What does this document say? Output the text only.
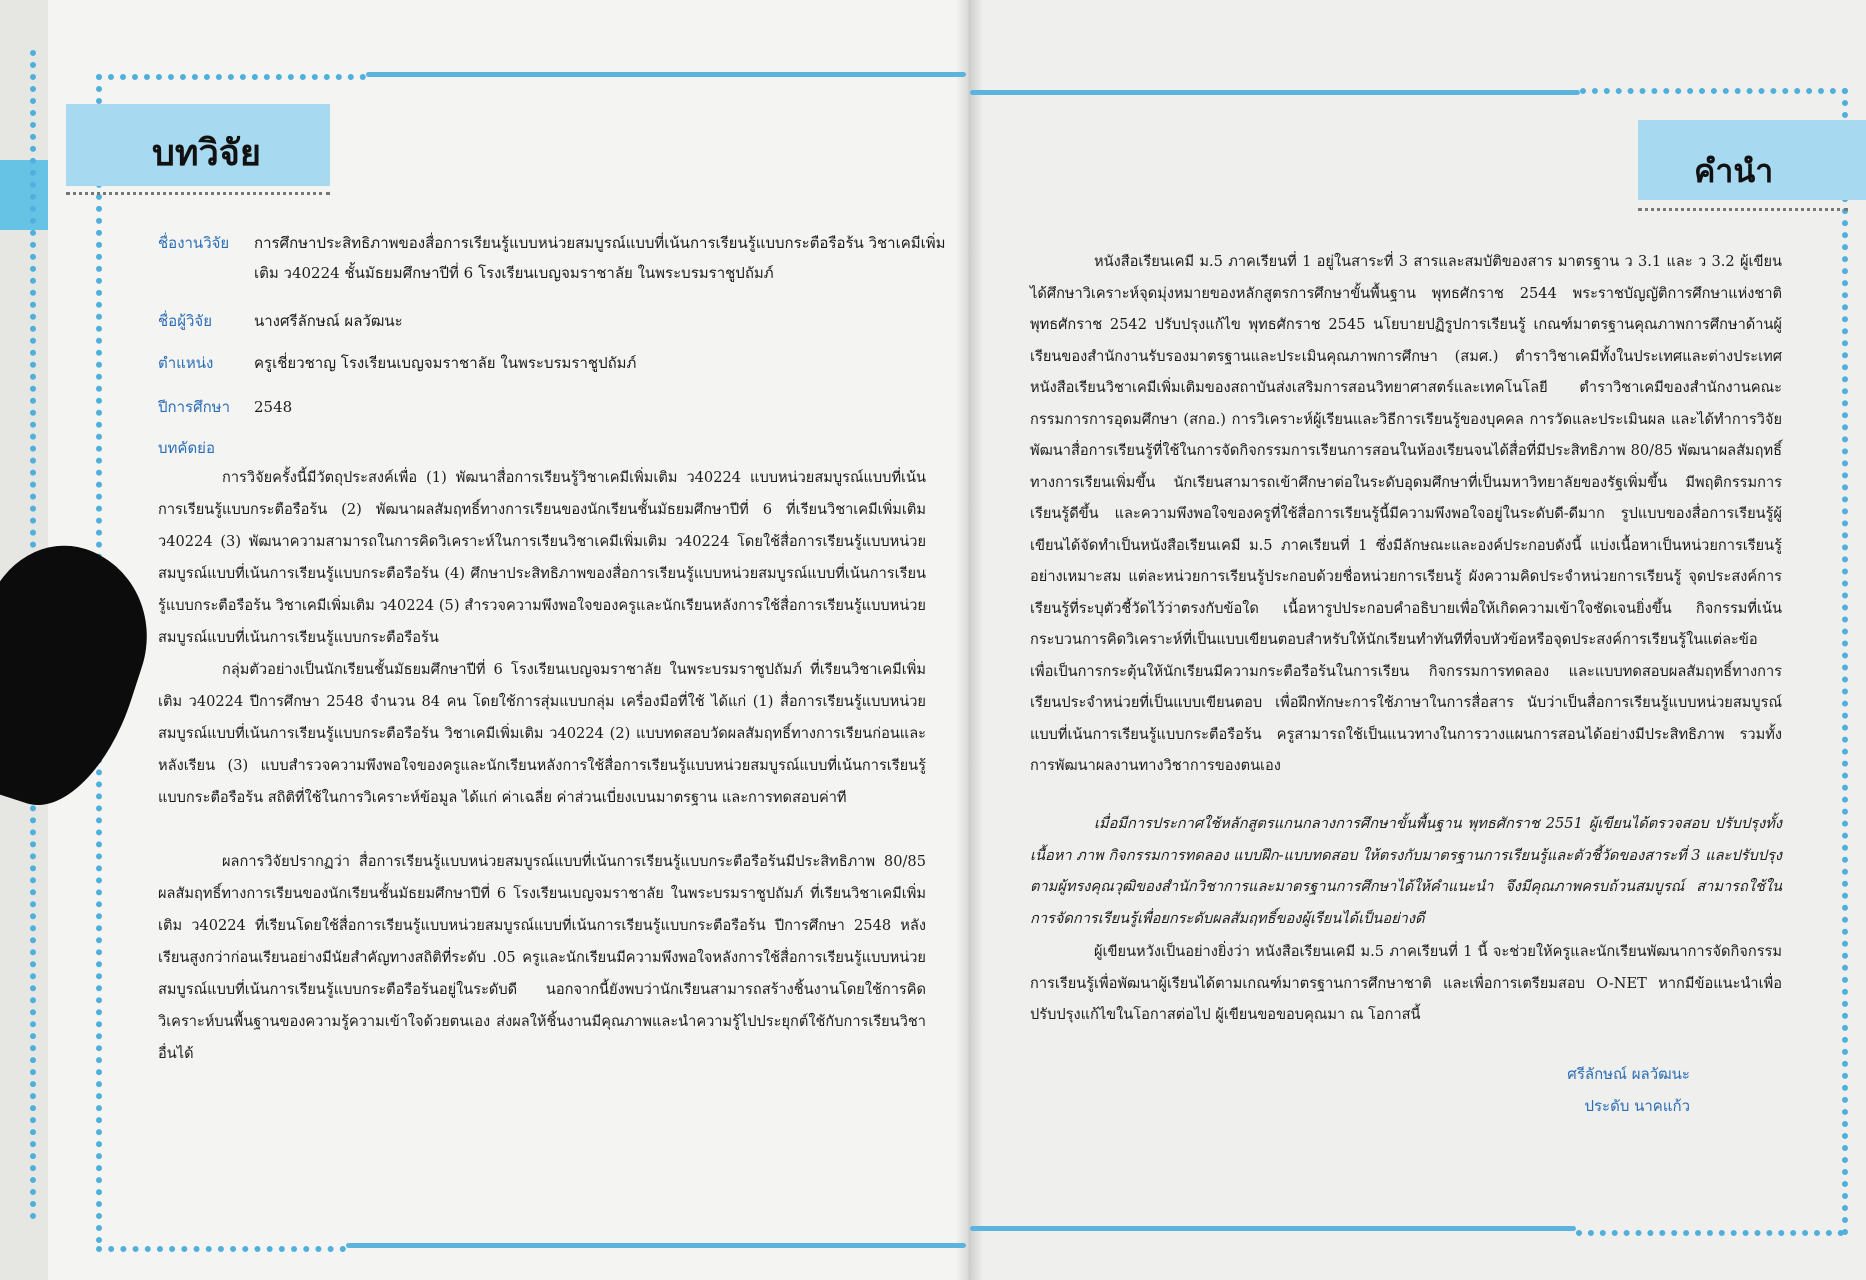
บทวิจัย
ชื่องานวิจัย	การศึกษาประสิทธิภาพของสื่อการเรียนรู้แบบหน่วยสมบูรณ์แบบที่เน้นการเรียนรู้แบบกระตือรือร้น วิชาเคมีเพิ่มเติม ว40224 ชั้นมัธยมศึกษาปีที่ 6 โรงเรียนเบญจมราชาลัย ในพระบรมราชูปถัมภ์
ชื่อผู้วิจัย	นางศรีลักษณ์ ผลวัฒนะ
ตำแหน่ง	ครูเชี่ยวชาญ โรงเรียนเบญจมราชาลัย ในพระบรมราชูปถัมภ์
ปีการศึกษา	2548
บทคัดย่อ

การวิจัยครั้งนี้มีวัตถุประสงค์เพื่อ (1) พัฒนาสื่อการเรียนรู้วิชาเคมีเพิ่มเติม ว40224 แบบหน่วยสมบูรณ์แบบที่เน้นการเรียนรู้แบบกระตือรือร้น (2) พัฒนาผลสัมฤทธิ์ทางการเรียนของนักเรียนชั้นมัธยมศึกษาปีที่ 6 ที่เรียนวิชาเคมีเพิ่มเติม ว40224 (3) พัฒนาความสามารถในการคิดวิเคราะห์ในการเรียนวิชาเคมีเพิ่มเติม ว40224 โดยใช้สื่อการเรียนรู้แบบหน่วยสมบูรณ์แบบที่เน้นการเรียนรู้แบบกระตือรือร้น (4) ศึกษาประสิทธิภาพของสื่อการเรียนรู้แบบหน่วยสมบูรณ์แบบที่เน้นการเรียนรู้แบบกระตือรือร้น วิชาเคมีเพิ่มเติม ว40224 (5) สำรวจความพึงพอใจของครูและนักเรียนหลังการใช้สื่อการเรียนรู้แบบหน่วยสมบูรณ์แบบที่เน้นการเรียนรู้แบบกระตือรือร้น

กลุ่มตัวอย่างเป็นนักเรียนชั้นมัธยมศึกษาปีที่ 6 โรงเรียนเบญจมราชาลัย ในพระบรมราชูปถัมภ์ ที่เรียนวิชาเคมีเพิ่มเติม ว40224 ปีการศึกษา 2548 จำนวน 84 คน โดยใช้การสุ่มแบบกลุ่ม เครื่องมือที่ใช้ ได้แก่ (1) สื่อการเรียนรู้แบบหน่วยสมบูรณ์แบบที่เน้นการเรียนรู้แบบกระตือรือร้น วิชาเคมีเพิ่มเติม ว40224 (2) แบบทดสอบวัดผลสัมฤทธิ์ทางการเรียนก่อนและหลังเรียน (3) แบบสำรวจความพึงพอใจของครูและนักเรียนหลังการใช้สื่อการเรียนรู้แบบหน่วยสมบูรณ์แบบที่เน้นการเรียนรู้แบบกระตือรือร้น สถิติที่ใช้ในการวิเคราะห์ข้อมูล ได้แก่ ค่าเฉลี่ย ค่าส่วนเบี่ยงเบนมาตรฐาน และการทดสอบค่าที

ผลการวิจัยปรากฏว่า สื่อการเรียนรู้แบบหน่วยสมบูรณ์แบบที่เน้นการเรียนรู้แบบกระตือรือร้นมีประสิทธิภาพ 80/85 ผลสัมฤทธิ์ทางการเรียนของนักเรียนชั้นมัธยมศึกษาปีที่ 6 โรงเรียนเบญจมราชาลัย ในพระบรมราชูปถัมภ์ ที่เรียนวิชาเคมีเพิ่มเติม ว40224 ที่เรียนโดยใช้สื่อการเรียนรู้แบบหน่วยสมบูรณ์แบบที่เน้นการเรียนรู้แบบกระตือรือร้น ปีการศึกษา 2548 หลังเรียนสูงกว่าก่อนเรียนอย่างมีนัยสำคัญทางสถิติที่ระดับ .05 ครูและนักเรียนมีความพึงพอใจหลังการใช้สื่อการเรียนรู้แบบหน่วยสมบูรณ์แบบที่เน้นการเรียนรู้แบบกระตือรือร้นอยู่ในระดับดี นอกจากนี้ยังพบว่านักเรียนสามารถสร้างชิ้นงานโดยใช้การคิดวิเคราะห์บนพื้นฐานของความรู้ความเข้าใจด้วยตนเอง ส่งผลให้ชิ้นงานมีคุณภาพและนำความรู้ไปประยุกต์ใช้กับการเรียนวิชาอื่นได้

คำนำ

หนังสือเรียนเคมี ม.5 ภาคเรียนที่ 1 อยู่ในสาระที่ 3 สารและสมบัติของสาร มาตรฐาน ว 3.1 และ ว 3.2 ผู้เขียนได้ศึกษาวิเคราะห์จุดมุ่งหมายของหลักสูตรการศึกษาขั้นพื้นฐาน พุทธศักราช 2544 พระราชบัญญัติการศึกษาแห่งชาติ พุทธศักราช 2542 ปรับปรุงแก้ไข พุทธศักราช 2545 นโยบายปฏิรูปการเรียนรู้ เกณฑ์มาตรฐานคุณภาพการศึกษาด้านผู้เรียนของสำนักงานรับรองมาตรฐานและประเมินคุณภาพการศึกษา (สมศ.) ตำราวิชาเคมีทั้งในประเทศและต่างประเทศ หนังสือเรียนวิชาเคมีเพิ่มเติมของสถาบันส่งเสริมการสอนวิทยาศาสตร์และเทคโนโลยี ตำราวิชาเคมีของสำนักงานคณะกรรมการการอุดมศึกษา (สกอ.) การวิเคราะห์ผู้เรียนและวิธีการเรียนรู้ของบุคคล การวัดและประเมินผล และได้ทำการวิจัยพัฒนาสื่อการเรียนรู้ที่ใช้ในการจัดกิจกรรมการเรียนการสอนในห้องเรียนจนได้สื่อที่มีประสิทธิภาพ 80/85 พัฒนาผลสัมฤทธิ์ทางการเรียนเพิ่มขึ้น นักเรียนสามารถเข้าศึกษาต่อในระดับอุดมศึกษาที่เป็นมหาวิทยาลัยของรัฐเพิ่มขึ้น มีพฤติกรรมการเรียนรู้ดีขึ้น และความพึงพอใจของครูที่ใช้สื่อการเรียนรู้นี้มีความพึงพอใจอยู่ในระดับดี-ดีมาก รูปแบบของสื่อการเรียนรู้ผู้เขียนได้จัดทำเป็นหนังสือเรียนเคมี ม.5 ภาคเรียนที่ 1 ซึ่งมีลักษณะและองค์ประกอบดังนี้ แบ่งเนื้อหาเป็นหน่วยการเรียนรู้อย่างเหมาะสม แต่ละหน่วยการเรียนรู้ประกอบด้วยชื่อหน่วยการเรียนรู้ ผังความคิดประจำหน่วยการเรียนรู้ จุดประสงค์การเรียนรู้ที่ระบุตัวชี้วัดไว้ว่าตรงกับข้อใด เนื้อหารูปประกอบคำอธิบายเพื่อให้เกิดความเข้าใจชัดเจนยิ่งขึ้น กิจกรรมที่เน้นกระบวนการคิดวิเคราะห์ที่เป็นแบบเขียนตอบสำหรับให้นักเรียนทำทันทีที่จบหัวข้อหรือจุดประสงค์การเรียนรู้ในแต่ละข้อ เพื่อเป็นการกระตุ้นให้นักเรียนมีความกระตือรือร้นในการเรียน กิจกรรมการทดลอง และแบบทดสอบผลสัมฤทธิ์ทางการเรียนประจำหน่วยที่เป็นแบบเขียนตอบ เพื่อฝึกทักษะการใช้ภาษาในการสื่อสาร นับว่าเป็นสื่อการเรียนรู้แบบหน่วยสมบูรณ์แบบที่เน้นการเรียนรู้แบบกระตือรือร้น ครูสามารถใช้เป็นแนวทางในการวางแผนการสอนได้อย่างมีประสิทธิภาพ รวมทั้งการพัฒนาผลงานทางวิชาการของตนเอง

เมื่อมีการประกาศใช้หลักสูตรแกนกลางการศึกษาขั้นพื้นฐาน พุทธศักราช 2551 ผู้เขียนได้ตรวจสอบ ปรับปรุงทั้งเนื้อหา ภาพ กิจกรรมการทดลอง แบบฝึก-แบบทดสอบ ให้ตรงกับมาตรฐานการเรียนรู้และตัวชี้วัดของสาระที่ 3 และปรับปรุงตามผู้ทรงคุณวุฒิของสำนักวิชาการและมาตรฐานการศึกษาได้ให้คำแนะนำ จึงมีคุณภาพครบถ้วนสมบูรณ์ สามารถใช้ในการจัดการเรียนรู้เพื่อยกระดับผลสัมฤทธิ์ของผู้เรียนได้เป็นอย่างดี

ผู้เขียนหวังเป็นอย่างยิ่งว่า หนังสือเรียนเคมี ม.5 ภาคเรียนที่ 1 นี้ จะช่วยให้ครูและนักเรียนพัฒนาการจัดกิจกรรมการเรียนรู้เพื่อพัฒนาผู้เรียนได้ตามเกณฑ์มาตรฐานการศึกษาชาติ และเพื่อการเตรียมสอบ O-NET หากมีข้อแนะนำเพื่อปรับปรุงแก้ไขในโอกาสต่อไป ผู้เขียนขอขอบคุณมา ณ โอกาสนี้

ศรีลักษณ์ ผลวัฒนะ
ประดับ นาคแก้ว
